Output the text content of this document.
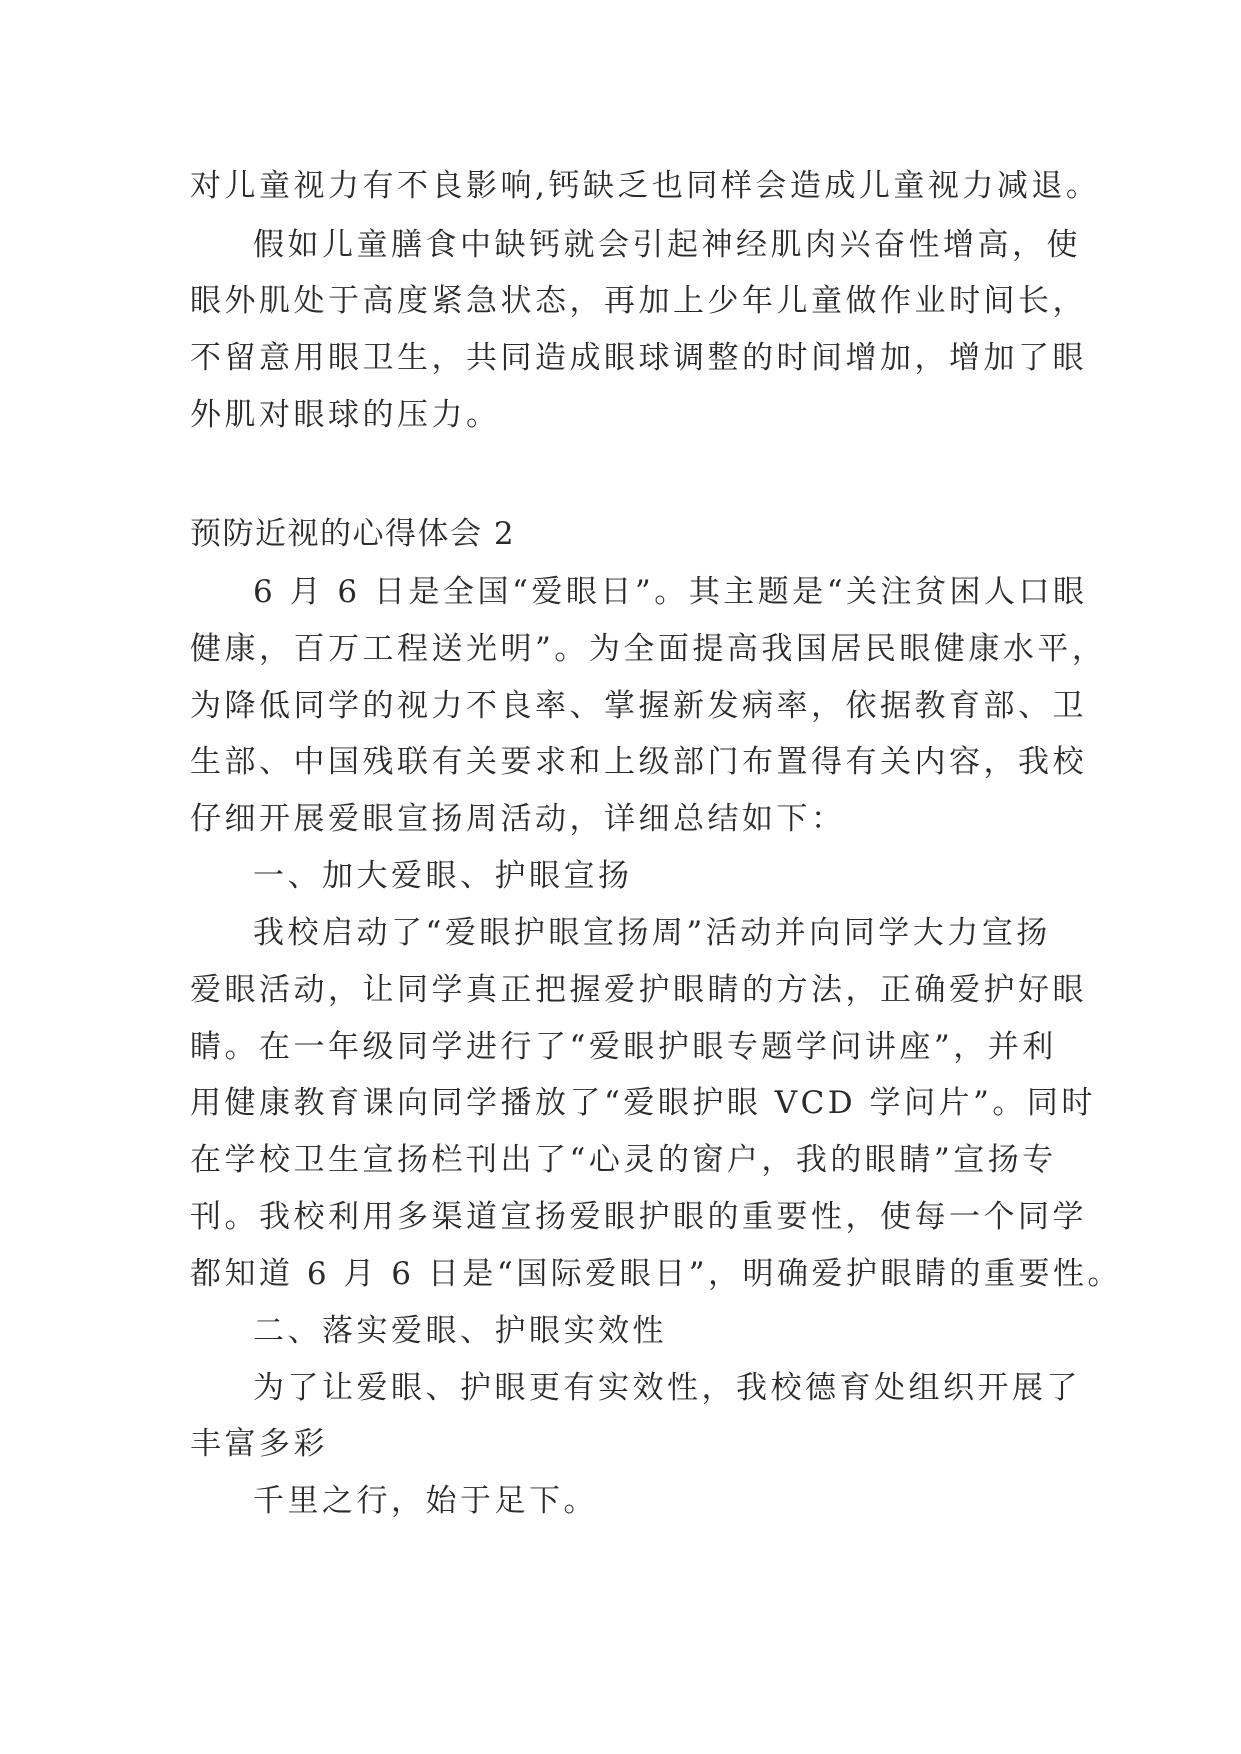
对儿童视力有不良影响,钙缺乏也同样会造成儿童视力减退。
假如儿童膳食中缺钙就会引起神经肌肉兴奋性增高，使
眼外肌处于高度紧急状态，再加上少年儿童做作业时间长，
不留意用眼卫生，共同造成眼球调整的时间增加，增加了眼
外肌对眼球的压力。
预防近视的心得体会 2
6 月 6 日是全国“爱眼日”。其主题是“关注贫困人口眼
健康，百万工程送光明”。为全面提高我国居民眼健康水平，
为降低同学的视力不良率、掌握新发病率，依据教育部、卫
生部、中国残联有关要求和上级部门布置得有关内容，我校
仔细开展爱眼宣扬周活动，详细总结如下：
一、加大爱眼、护眼宣扬
我校启动了“爱眼护眼宣扬周”活动并向同学大力宣扬
爱眼活动，让同学真正把握爱护眼睛的方法，正确爱护好眼
睛。在一年级同学进行了“爱眼护眼专题学问讲座”，并利
用健康教育课向同学播放了“爱眼护眼 VCD 学问片”。同时
在学校卫生宣扬栏刊出了“心灵的窗户，我的眼睛”宣扬专
刊。我校利用多渠道宣扬爱眼护眼的重要性，使每一个同学
都知道 6 月 6 日是“国际爱眼日”，明确爱护眼睛的重要性。
二、落实爱眼、护眼实效性
为了让爱眼、护眼更有实效性，我校德育处组织开展了
丰富多彩
千里之行，始于足下。
